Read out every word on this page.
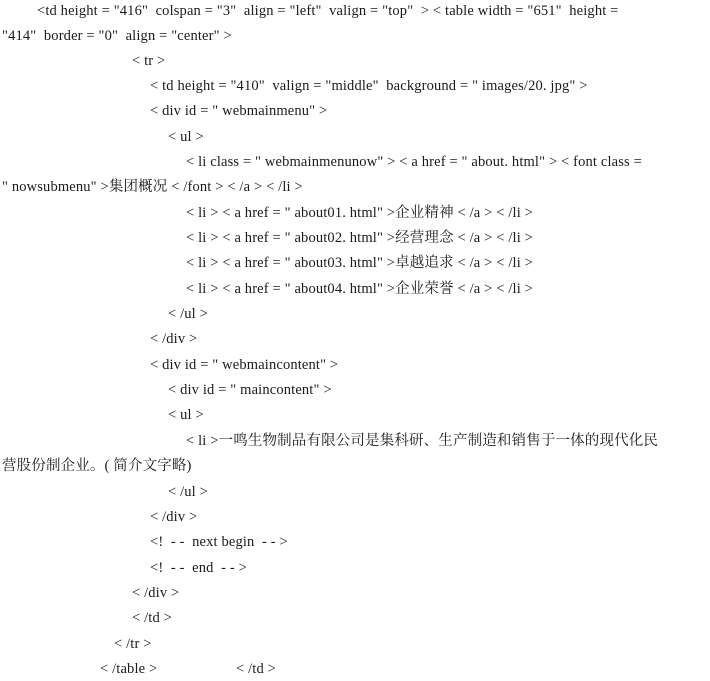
<td height = "416"  colspan = "3"  align = "left"  valign = "top"  > < table width = "651"  height =
"414"  border = "0"  align = "center" >
< tr >
< td height = "410"  valign = "middle"  background = " images/20. jpg" >
< div id = " webmainmenu" >
< ul >
< li class = " webmainmenunow" > < a href = " about. html" > < font class =
" nowsubmenu" >集团概况 < /font > < /a > < /li >
< li > < a href = " about01. html" >企业精神 < /a > < /li >
< li > < a href = " about02. html" >经营理念 < /a > < /li >
< li > < a href = " about03. html" >卓越追求 < /a > < /li >
< li > < a href = " about04. html" >企业荣誉 < /a > < /li >
< /ul >
< /div >
< div id = " webmaincontent" >
< div id = " maincontent" >
< ul >
< li >一鸣生物制品有限公司是集科研、生产制造和销售于一体的现代化民
营股份制企业。( 简介文字略)
< /ul >
< /div >
<!  - -  next begin  - - >
<!  - -  end  - - >
< /div >
< /td >
< /tr >
< /table >	< /td >
